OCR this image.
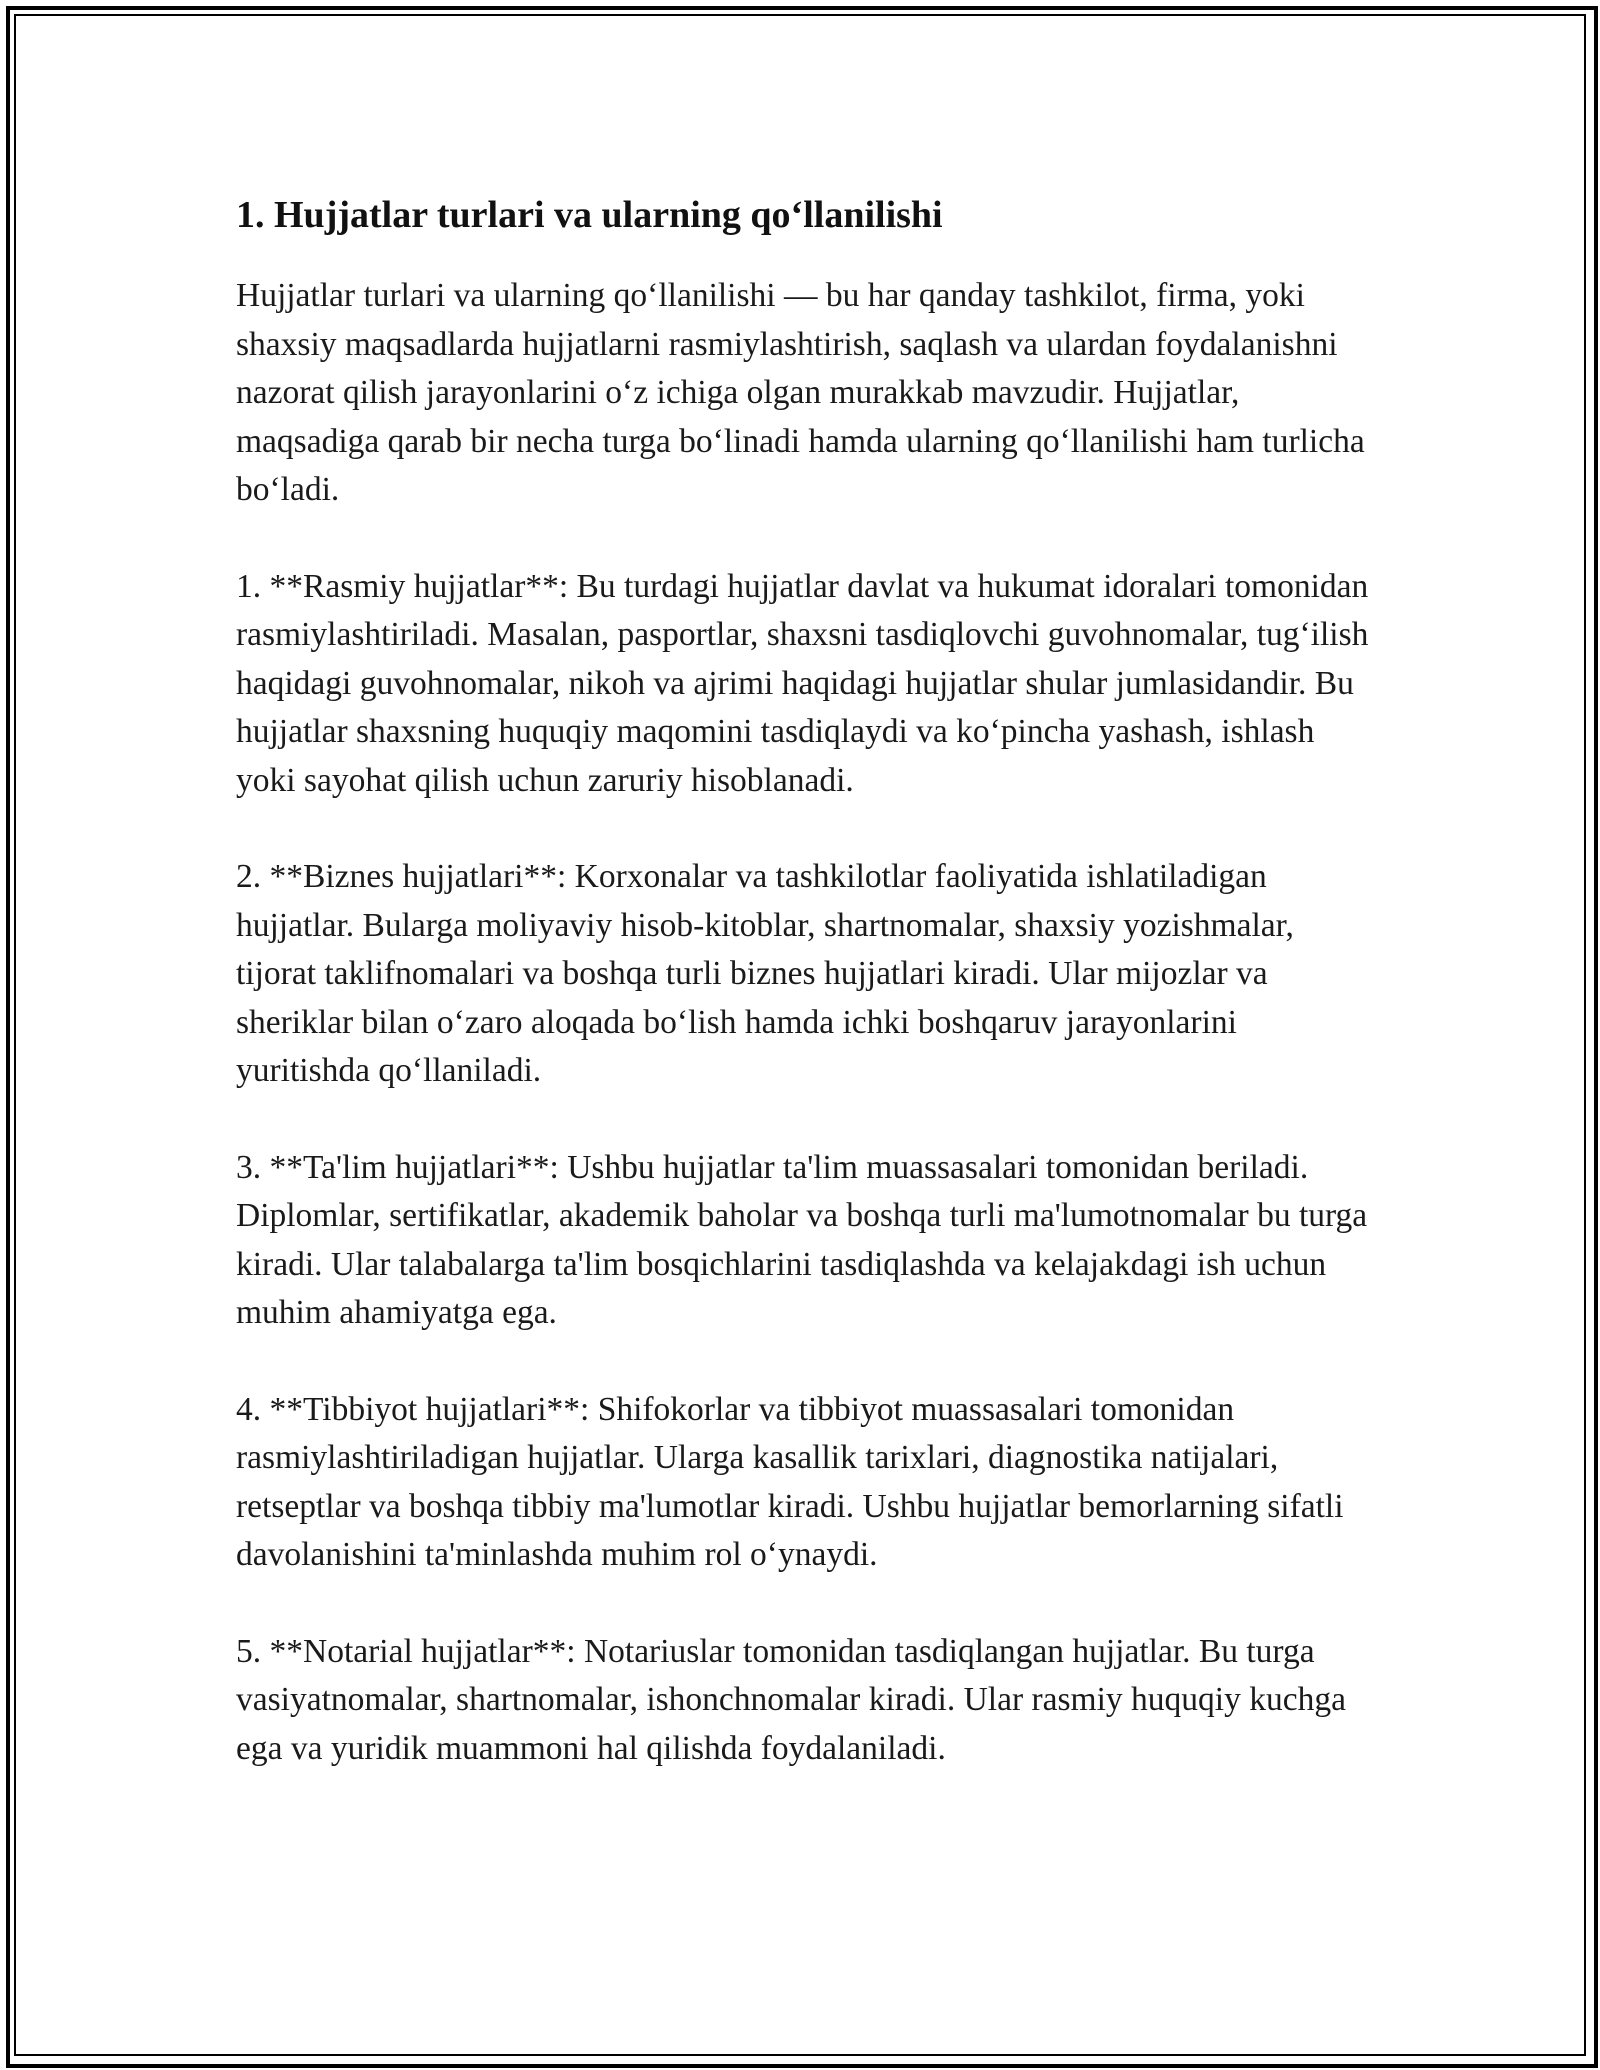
1. Hujjatlar turlari va ularning qo‘llanilishi

Hujjatlar turlari va ularning qo‘llanilishi — bu har qanday tashkilot, firma, yoki shaxsiy maqsadlarda hujjatlarni rasmiylashtirish, saqlash va ulardan foydalanishni nazorat qilish jarayonlarini o‘z ichiga olgan murakkab mavzudir. Hujjatlar, maqsadiga qarab bir necha turga bo‘linadi hamda ularning qo‘llanilishi ham turlicha bo‘ladi.

1. **Rasmiy hujjatlar**: Bu turdagi hujjatlar davlat va hukumat idoralari tomonidan rasmiylashtiriladi. Masalan, pasportlar, shaxsni tasdiqlovchi guvohnomalar, tug‘ilish haqidagi guvohnomalar, nikoh va ajrimi haqidagi hujjatlar shular jumlasidandir. Bu hujjatlar shaxsning huquqiy maqomini tasdiqlaydi va ko‘pincha yashash, ishlash yoki sayohat qilish uchun zaruriy hisoblanadi.

2. **Biznes hujjatlari**: Korxonalar va tashkilotlar faoliyatida ishlatiladigan hujjatlar. Bularga moliyaviy hisob-kitoblar, shartnomalar, shaxsiy yozishmalar, tijorat taklifnomalari va boshqa turli biznes hujjatlari kiradi. Ular mijozlar va sheriklar bilan o‘zaro aloqada bo‘lish hamda ichki boshqaruv jarayonlarini yuritishda qo‘llaniladi.

3. **Ta'lim hujjatlari**: Ushbu hujjatlar ta'lim muassasalari tomonidan beriladi. Diplomlar, sertifikatlar, akademik baholar va boshqa turli ma'lumotnomalar bu turga kiradi. Ular talabalarga ta'lim bosqichlarini tasdiqlashda va kelajakdagi ish uchun muhim ahamiyatga ega.

4. **Tibbiyot hujjatlari**: Shifokorlar va tibbiyot muassasalari tomonidan rasmiylashtiriladigan hujjatlar. Ularga kasallik tarixlari, diagnostika natijalari, retseptlar va boshqa tibbiy ma'lumotlar kiradi. Ushbu hujjatlar bemorlarning sifatli davolanishini ta'minlashda muhim rol o‘ynaydi.

5. **Notarial hujjatlar**: Notariuslar tomonidan tasdiqlangan hujjatlar. Bu turga vasiyatnomalar, shartnomalar, ishonchnomalar kiradi. Ular rasmiy huquqiy kuchga ega va yuridik muammoni hal qilishda foydalaniladi.
